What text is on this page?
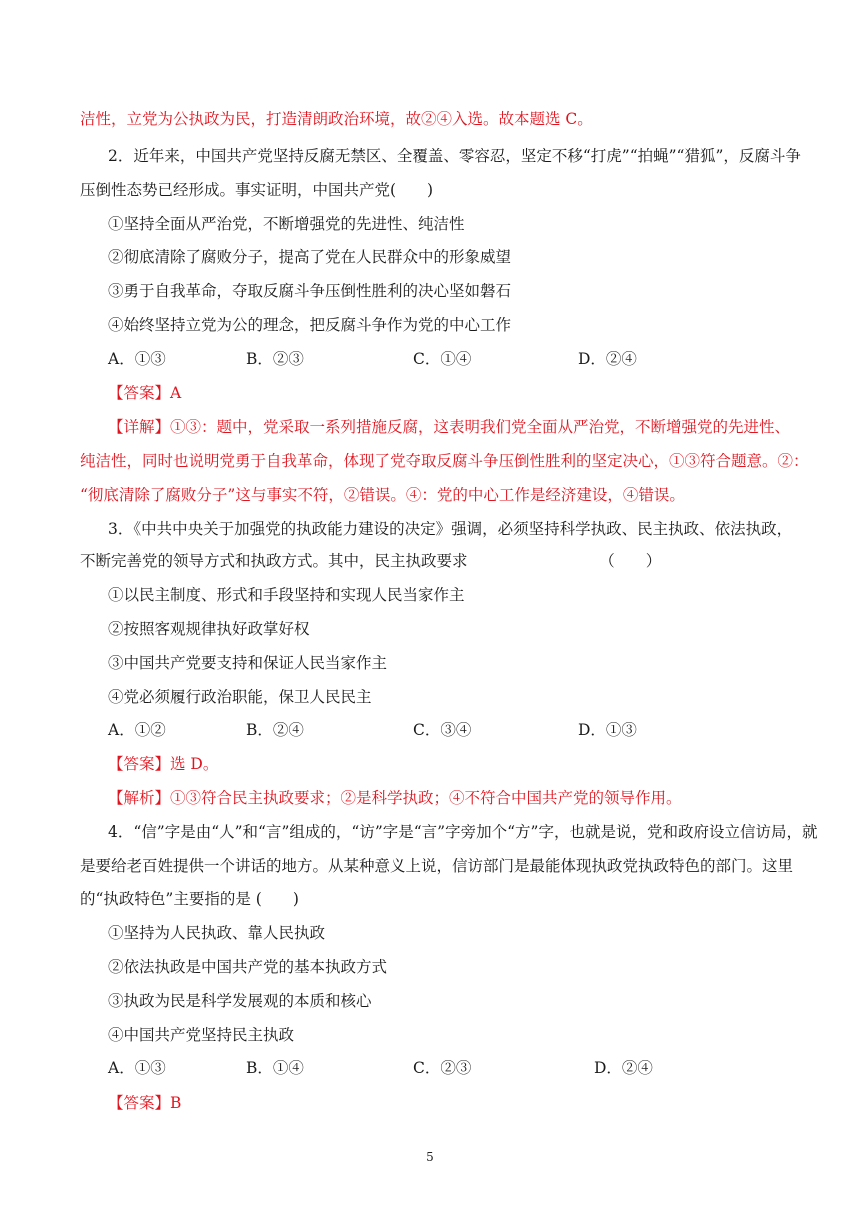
洁性，立党为公执政为民，打造清朗政治环境，故②④入选。故本题选 C。
2．近年来，中国共产党坚持反腐无禁区、全覆盖、零容忍，坚定不移“打虎”“拍蝇”“猎狐”，反腐斗争
压倒性态势已经形成。事实证明，中国共产党(　　)
①坚持全面从严治党，不断增强党的先进性、纯洁性
②彻底清除了腐败分子，提高了党在人民群众中的形象威望
③勇于自我革命，夺取反腐斗争压倒性胜利的决心坚如磐石
④始终坚持立党为公的理念，把反腐斗争作为党的中心工作
A．①③	B．②③	C．①④	D．②④
【答案】A
【详解】①③：题中，党采取一系列措施反腐，这表明我们党全面从严治党，不断增强党的先进性、
纯洁性，同时也说明党勇于自我革命，体现了党夺取反腐斗争压倒性胜利的坚定决心，①③符合题意。②：
“彻底清除了腐败分子”这与事实不符，②错误。④：党的中心工作是经济建设，④错误。
3．《中共中央关于加强党的执政能力建设的决定》强调，必须坚持科学执政、民主执政、依法执政，
不断完善党的领导方式和执政方式。其中，民主执政要求　　　　　　　　　（　　）
①以民主制度、形式和手段坚持和实现人民当家作主
②按照客观规律执好政掌好权
③中国共产党要支持和保证人民当家作主
④党必须履行政治职能，保卫人民民主
A．①②	B．②④	C．③④	D．①③
【答案】选 D。
【解析】①③符合民主执政要求；②是科学执政；④不符合中国共产党的领导作用。
4．“信”字是由“人”和“言”组成的，“访”字是“言”字旁加个“方”字，也就是说，党和政府设立信访局，就
是要给老百姓提供一个讲话的地方。从某种意义上说，信访部门是最能体现执政党执政特色的部门。这里
的“执政特色”主要指的是 (　　)
①坚持为人民执政、靠人民执政
②依法执政是中国共产党的基本执政方式
③执政为民是科学发展观的本质和核心
④中国共产党坚持民主执政
A．①③	B．①④	C．②③	D．②④
【答案】B
5
